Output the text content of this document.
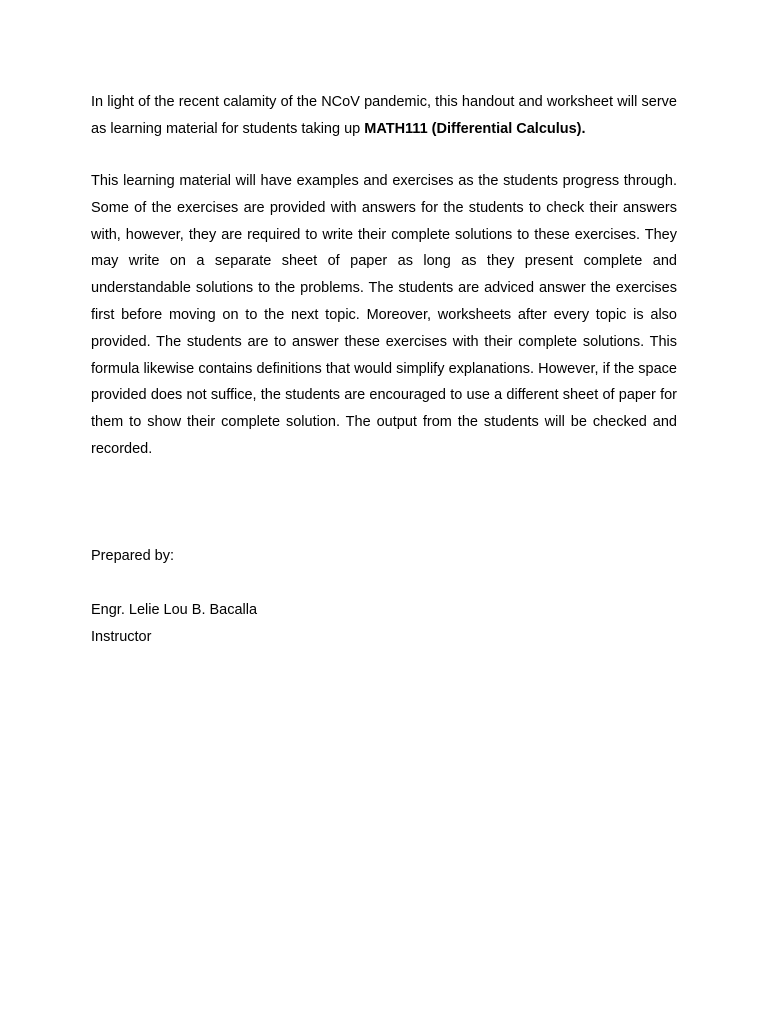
In light of the recent calamity of the NCoV pandemic, this handout and worksheet will serve as learning material for students taking up MATH111 (Differential Calculus).

This learning material will have examples and exercises as the students progress through. Some of the exercises are provided with answers for the students to check their answers with, however, they are required to write their complete solutions to these exercises. They may write on a separate sheet of paper as long as they present complete and understandable solutions to the problems. The students are adviced answer the exercises first before moving on to the next topic. Moreover, worksheets after every topic is also provided. The students are to answer these exercises with their complete solutions. This formula likewise contains definitions that would simplify explanations. However, if the space provided does not suffice, the students are encouraged to use a different sheet of paper for them to show their complete solution. The output from the students will be checked and recorded.

Prepared by:

Engr. Lelie Lou B. Bacalla

Instructor
